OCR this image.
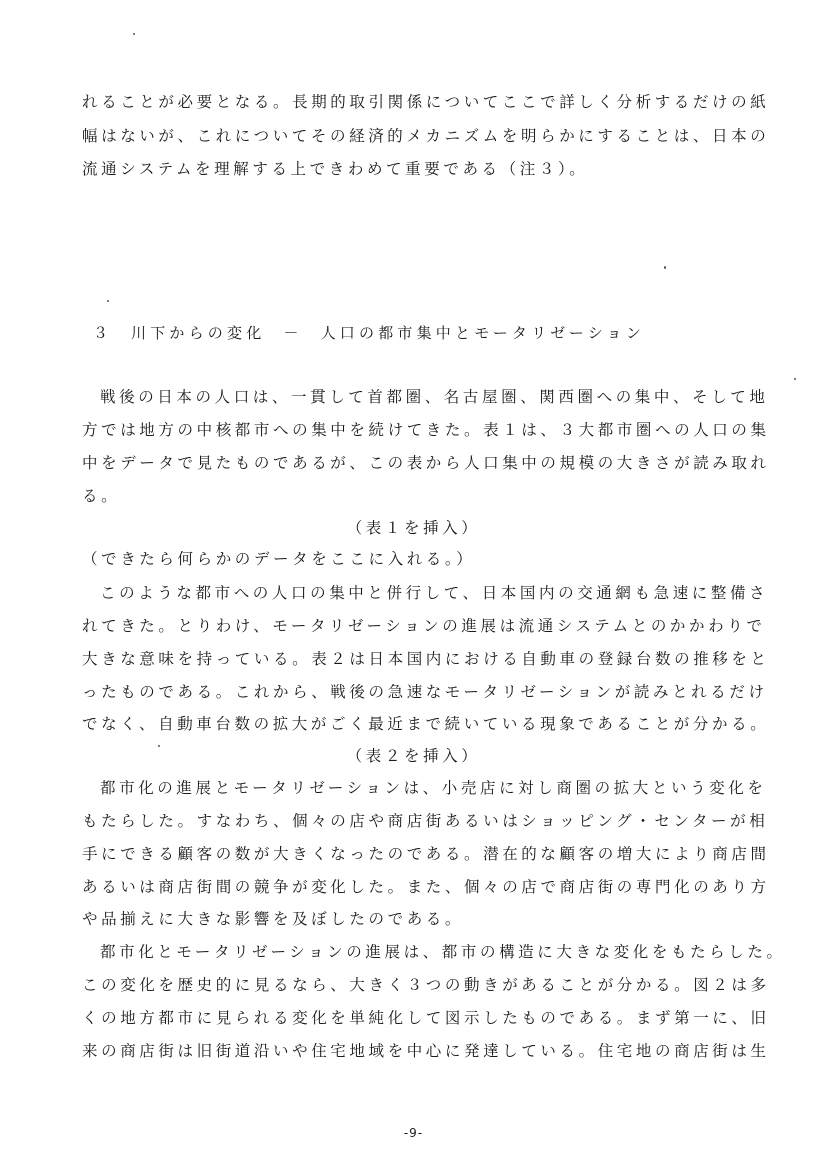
れることが必要となる。長期的取引関係についてここで詳しく分析するだけの紙
幅はないが、これについてその経済的メカニズムを明らかにすることは、日本の
流通システムを理解する上できわめて重要である（注３）。
３ 川下からの変化 － 人口の都市集中とモータリゼーション
戦後の日本の人口は、一貫して首都圏、名古屋圏、関西圏への集中、そして地
方では地方の中核都市への集中を続けてきた。表１は、３大都市圏への人口の集
中をデータで見たものであるが、この表から人口集中の規模の大きさが読み取れ
る。
（表１を挿入）
（できたら何らかのデータをここに入れる。）
このような都市への人口の集中と併行して、日本国内の交通網も急速に整備さ
れてきた。とりわけ、モータリゼーションの進展は流通システムとのかかわりで
大きな意味を持っている。表２は日本国内における自動車の登録台数の推移をと
ったものである。これから、戦後の急速なモータリゼーションが読みとれるだけ
でなく、自動車台数の拡大がごく最近まで続いている現象であることが分かる。
（表２を挿入）
都市化の進展とモータリゼーションは、小売店に対し商圏の拡大という変化を
もたらした。すなわち、個々の店や商店街あるいはショッピング・センターが相
手にできる顧客の数が大きくなったのである。潜在的な顧客の増大により商店間
あるいは商店街間の競争が変化した。また、個々の店で商店街の専門化のあり方
や品揃えに大きな影響を及ぼしたのである。
都市化とモータリゼーションの進展は、都市の構造に大きな変化をもたらした。
この変化を歴史的に見るなら、大きく３つの動きがあることが分かる。図２は多
くの地方都市に見られる変化を単純化して図示したものである。まず第一に、旧
来の商店街は旧街道沿いや住宅地域を中心に発達している。住宅地の商店街は生
-9-
